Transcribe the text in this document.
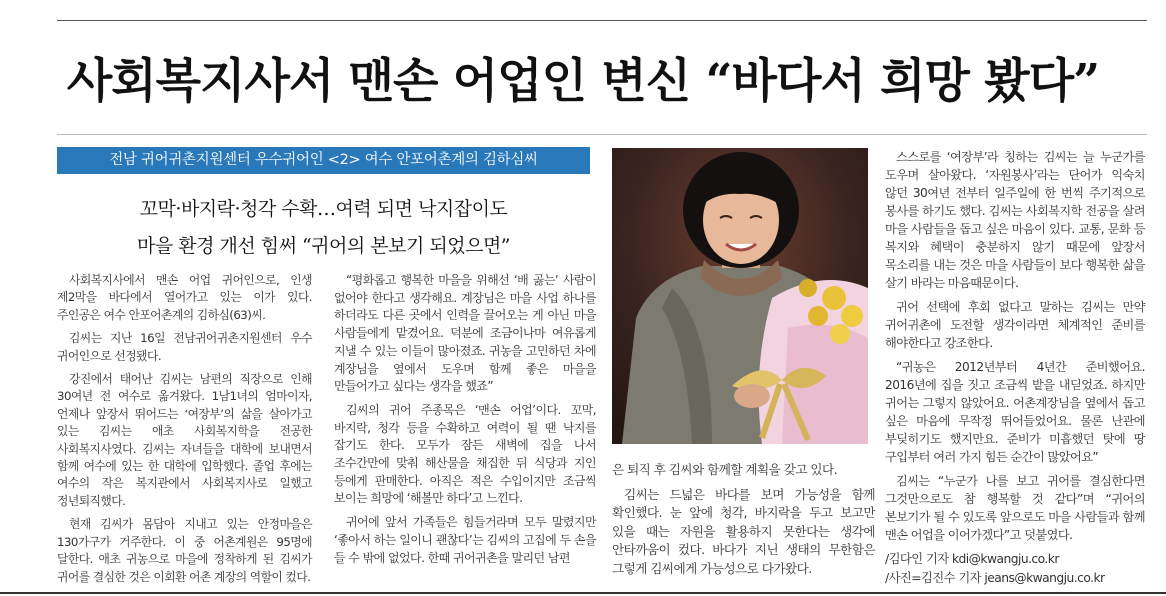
사회복지사서 맨손 어업인 변신 “바다서 희망 봤다”
전남 귀어귀촌지원센터 우수귀어인 <2> 여수 안포어촌계의 김하심씨
꼬막·바지락·청각 수확…여력 되면 낙지잡이도
마을 환경 개선 힘써 “귀어의 본보기 되었으면”

사회복지사에서 맨손 어업 귀어인으로, 인생 제2막을 바다에서 열어가고 있는 이가 있다. 주인공은 여수 안포어촌계의 김하심(63)씨.

김씨는 지난 16일 전남귀어귀촌지원센터 우수 귀어인으로 선정됐다.

강진에서 태어난 김씨는 남편의 직장으로 인해 30여년 전 여수로 옮겨왔다. 1남1녀의 엄마이자, 언제나 앞장서 뛰어드는 ‘여장부’의 삶을 살아가고 있는 김씨는 애초 사회복지학을 전공한 사회복지사였다. 김씨는 자녀들을 대학에 보내면서 함께 여수에 있는 한 대학에 입학했다. 졸업 후에는 여수의 작은 복지관에서 사회복지사로 일했고 정년퇴직했다.

현재 김씨가 몸담아 지내고 있는 안정마을은 130가구가 거주한다. 이 중 어촌계원은 95명에 달한다. 애초 귀농으로 마을에 정착하게 된 김씨가 귀어를 결심한 것은 이회환 어촌 계장의 역할이 컸다.

“평화롭고 행복한 마을을 위해선 ‘배 곯는’ 사람이 없어야 한다고 생각해요. 계장님은 마을 사업 하나를 하더라도 다른 곳에서 인력을 끌어오는 게 아닌 마을 사람들에게 맡겼어요. 덕분에 조금이나마 여유롭게 지낼 수 있는 이들이 많아졌죠. 귀농을 고민하던 차에 계장님을 옆에서 도우며 함께 좋은 마을을 만들어가고 싶다는 생각을 했죠”

김씨의 귀어 주종목은 ‘맨손 어업’이다. 꼬막, 바지락, 청각 등을 수확하고 여력이 될 땐 낙지를 잡기도 한다. 모두가 잠든 새벽에 집을 나서 조수간만에 맞춰 해산물을 채집한 뒤 식당과 지인 등에게 판매한다. 아직은 적은 수입이지만 조금씩 보이는 희망에 ‘해볼만 하다’고 느낀다.

귀어에 앞서 가족들은 힘들거라며 모두 말렸지만 ‘좋아서 하는 일이니 괜찮다’는 김씨의 고집에 두 손을 들 수 밖에 없었다. 한때 귀어귀촌을 말리던 남편

은 퇴직 후 김씨와 함께할 계획을 갖고 있다.

김씨는 드넓은 바다를 보며 가능성을 함께 확인했다. 눈 앞에 청각, 바지락을 두고 보고만 있을 때는 자원을 활용하지 못한다는 생각에 안타까움이 컸다. 바다가 지닌 생태의 무한함은 그렇게 김씨에게 가능성으로 다가왔다.

스스로를 ‘여장부’라 칭하는 김씨는 늘 누군가를 도우며 살아왔다. ‘자원봉사’라는 단어가 익숙치 않던 30여년 전부터 일주일에 한 번씩 주기적으로 봉사를 하기도 했다. 김씨는 사회복지학 전공을 살려 마을 사람들을 돕고 싶은 마음이 있다. 교통, 문화 등 복지와 혜택이 충분하지 않기 때문에 앞장서 목소리를 내는 것은 마을 사람들이 보다 행복한 삶을 살기 바라는 마음때문이다.

귀어 선택에 후회 없다고 말하는 김씨는 만약 귀어귀촌에 도전할 생각이라면 체계적인 준비를 해야한다고 강조한다.

“귀농은 2012년부터 4년간 준비했어요. 2016년에 집을 짓고 조금씩 밭을 내딛었죠. 하지만 귀어는 그렇지 않았어요. 어촌계장님을 옆에서 돕고 싶은 마음에 무작정 뛰어들었어요. 물론 난관에 부딪히기도 했지만요. 준비가 미흡했던 탓에 땅 구입부터 여러 가지 힘든 순간이 많았어요”

김씨는 “누군가 나를 보고 귀어를 결심한다면 그것만으로도 참 행복할 것 같다”며 “귀어의 본보기가 될 수 있도록 앞으로도 마을 사람들과 함께 맨손 어업을 이어가겠다”고 덧붙였다.

/김다인 기자 kdi@kwangju.co.kr

/사진=김진수 기자 jeans@kwangju.co.kr
